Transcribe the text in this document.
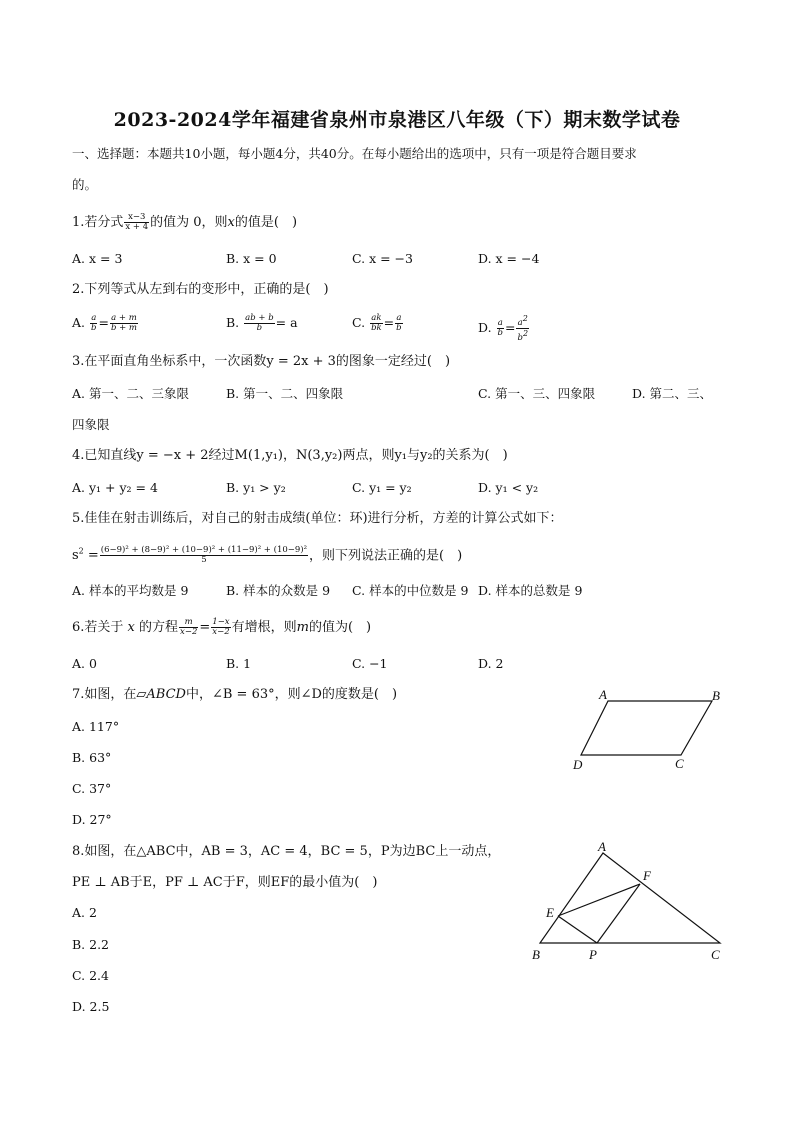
2023-2024学年福建省泉州市泉港区八年级（下）期末数学试卷
一、选择题：本题共10小题，每小题4分，共40分。在每小题给出的选项中，只有一项是符合题目要求
的。
1.若分式 $\frac{x-3}{x + 4}$ 的值为 0，则x的值是(　)
A. x = 3	B. x = 0	C. x = −3	D. x = −4
2.下列等式从左到右的变形中，正确的是(　)
A. $\frac{a}{b} = \frac{a + m}{b + m}$	B. $\frac{ab + b}{b} = a$	C. $\frac{ak}{bk} = \frac{a}{b}$	D. $\frac{a}{b} = \frac{a^2}{b^2}$
3.在平面直角坐标系中，一次函数y = 2x + 3的图象一定经过(　)
A. 第一、二、三象限	B. 第一、二、四象限	C. 第一、三、四象限	D. 第二、三、
四象限
4.已知直线y = −x + 2经过M(1,y₁)，N(3,y₂)两点，则y₁与y₂的关系为(　)
A. y₁ + y₂ = 4	B. y₁ > y₂	C. y₁ = y₂	D. y₁ < y₂
5.佳佳在射击训练后，对自己的射击成绩(单位：环)进行分析，方差的计算公式如下：
$s^2 = \frac{\text{(6−9)² + (8−9)² + (10−9)² + (11−9)² + (10−9)²}}{5}$ ，则下列说法正确的是(　)
A. 样本的平均数是 9	B. 样本的众数是 9 C. 样本的中位数是 9 D. 样本的总数是 9
6.若关于 x 的方程 $\frac{m}{x-2} = \frac{1-x}{x-2}$ 有增根，则m的值为(　)
A. 0	B. 1	C. −1	D. 2
7.如图，在▱ABCD中，∠B = 63°，则∠D的度数是(　)
A. 117°
B. 63°
C. 37°
D. 27°
A	B
C
D
8.如图，在△ABC中，AB = 3，AC = 4，BC = 5，P为边BC上一动点，
PE ⊥ AB于E，PF ⊥ AC于F，则EF的最小值为(　)
A. 2
B. 2.2
C. 2.4
D. 2.5
A
B	C
E
F
P
